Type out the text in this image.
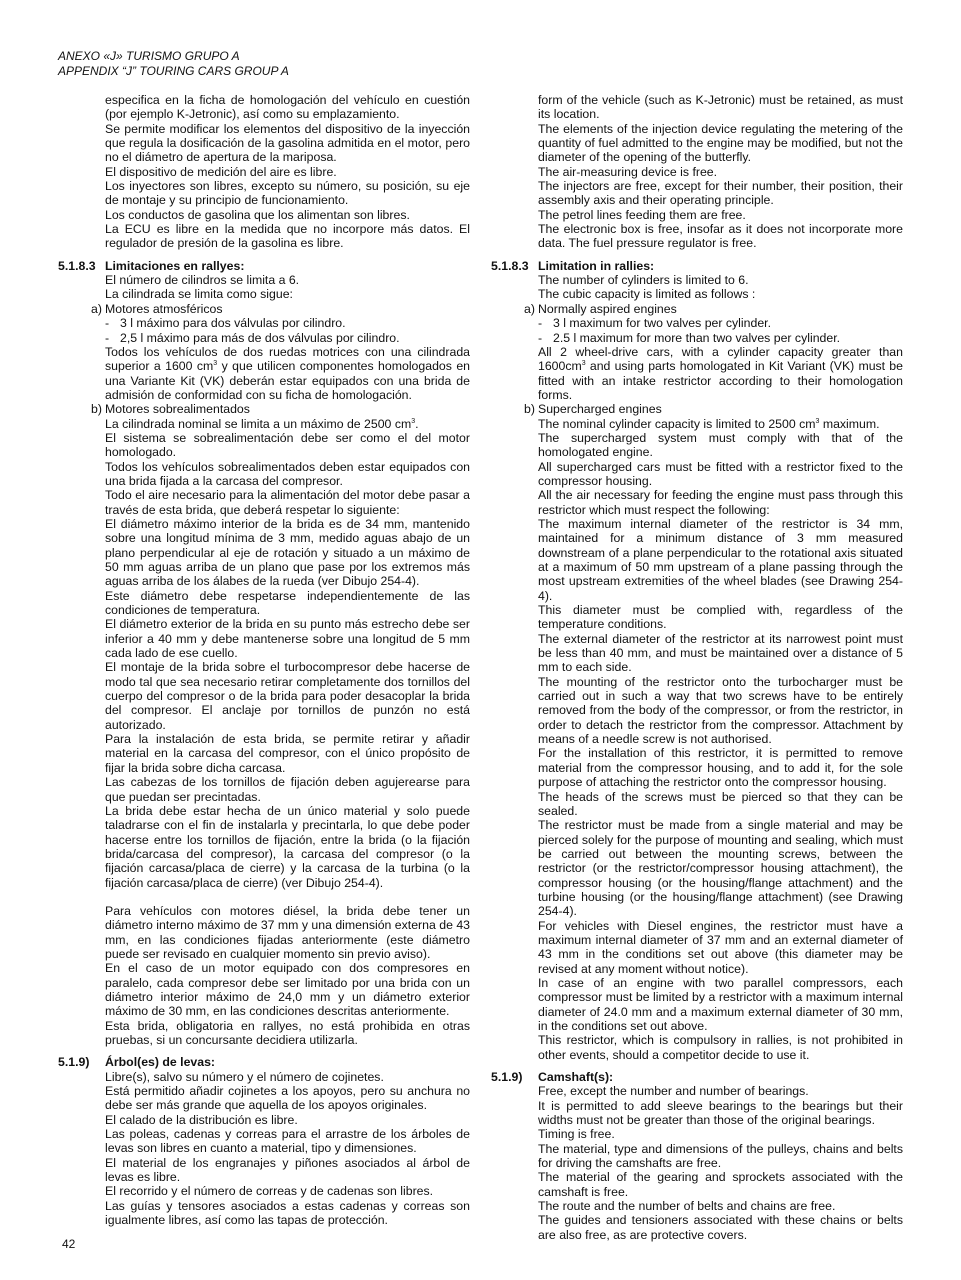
ANEXO «J» TURISMO GRUPO A
APPENDIX “J” TOURING CARS GROUP A
especifica en la ficha de homologación del vehículo en cuestión (por ejemplo K-Jetronic), así como su emplazamiento.
Se permite modificar los elementos del dispositivo de la inyección que regula la dosificación de la gasolina admitida en el motor, pero no el diámetro de apertura de la mariposa.
El dispositivo de medición del aire es libre.
Los inyectores son libres, excepto su número, su posición, su eje de montaje y su principio de funcionamiento.
Los conductos de gasolina que los alimentan son libres.
La ECU es libre en la medida que no incorpore más datos. El regulador de presión de la gasolina es libre.
5.1.8.3 Limitaciones en rallyes:
El número de cilindros se limita a 6.
La cilindrada se limita como sigue:
a) Motores atmosféricos
- 3 l máximo para dos válvulas por cilindro.
- 2,5 l máximo para más de dos válvulas por cilindro.
Todos los vehículos de dos ruedas motrices con una cilindrada superior a 1600 $cm^3$ y que utilicen componentes homologados en una Variante Kit (VK) deberán estar equipados con una brida de admisión de conformidad con su ficha de homologación.
b) Motores sobrealimentados
La cilindrada nominal se limita a un máximo de 2500 $cm^3$.
El sistema se sobrealimentación debe ser como el del motor homologado.
Todos los vehículos sobrealimentados deben estar equipados con una brida fijada a la carcasa del compresor.
Todo el aire necesario para la alimentación del motor debe pasar a través de esta brida, que deberá respetar lo siguiente:
El diámetro máximo interior de la brida es de 34 mm, mantenido sobre una longitud mínima de 3 mm, medido aguas abajo de un plano perpendicular al eje de rotación y situado a un máximo de 50 mm aguas arriba de un plano que pase por los extremos más aguas arriba de los álabes de la rueda (ver Dibujo 254-4).
Este diámetro debe respetarse independientemente de las condiciones de temperatura.
El diámetro exterior de la brida en su punto más estrecho debe ser inferior a 40 mm y debe mantenerse sobre una longitud de 5 mm cada lado de ese cuello.
El montaje de la brida sobre el turbocompresor debe hacerse de modo tal que sea necesario retirar completamente dos tornillos del cuerpo del compresor o de la brida para poder desacoplar la brida del compresor. El anclaje por tornillos de punzón no está autorizado.
Para la instalación de esta brida, se permite retirar y añadir material en la carcasa del compresor, con el único propósito de fijar la brida sobre dicha carcasa.
Las cabezas de los tornillos de fijación deben agujerearse para que puedan ser precintadas.
La brida debe estar hecha de un único material y solo puede taladrarse con el fin de instalarla y precintarla, lo que debe poder hacerse entre los tornillos de fijación, entre la brida (o la fijación brida/carcasa del compresor), la carcasa del compresor (o la fijación carcasa/placa de cierre) y la carcasa de la turbina (o la fijación carcasa/placa de cierre) (ver Dibujo 254-4).
Para vehículos con motores diésel, la brida debe tener un diámetro interno máximo de 37 mm y una dimensión externa de 43 mm, en las condiciones fijadas anteriormente (este diámetro puede ser revisado en cualquier momento sin previo aviso).
En el caso de un motor equipado con dos compresores en paralelo, cada compresor debe ser limitado por una brida con un diámetro interior máximo de 24,0 mm y un diámetro exterior máximo de 30 mm, en las condiciones descritas anteriormente.
Esta brida, obligatoria en rallyes, no está prohibida en otras pruebas, si un concursante decidiera utilizarla.
5.1.9)	Árbol(es) de levas:
Libre(s), salvo su número y el número de cojinetes.
Está permitido añadir cojinetes a los apoyos, pero su anchura no debe ser más grande que aquella de los apoyos originales.
El calado de la distribución es libre.
Las poleas, cadenas y correas para el arrastre de los árboles de levas son libres en cuanto a material, tipo y dimensiones.
El material de los engranajes y piñones asociados al árbol de levas es libre.
El recorrido y el número de correas y de cadenas son libres.
Las guías y tensores asociados a estas cadenas y correas son igualmente libres, así como las tapas de protección.
form of the vehicle (such as K-Jetronic) must be retained, as must its location.
The elements of the injection device regulating the metering of the quantity of fuel admitted to the engine may be modified, but not the diameter of the opening of the butterfly.
The air-measuring device is free.
The injectors are free, except for their number, their position, their assembly axis and their operating principle.
The petrol lines feeding them are free.
The electronic box is free, insofar as it does not incorporate more data. The fuel pressure regulator is free.
5.1.8.3 Limitation in rallies:
The number of cylinders is limited to 6.
The cubic capacity is limited as follows :
a) Normally aspired engines
- 3 l maximum for two valves per cylinder.
- 2.5 l maximum for more than two valves per cylinder.
All 2 wheel-drive cars, with a cylinder capacity greater than $1600cm^3$ and using parts homologated in Kit Variant (VK) must be fitted with an intake restrictor according to their homologation forms.
b) Supercharged engines
The nominal cylinder capacity is limited to 2500 $cm^3$ maximum.
The supercharged system must comply with that of the homologated engine.
All supercharged cars must be fitted with a restrictor fixed to the compressor housing.
All the air necessary for feeding the engine must pass through this restrictor which must respect the following:
The maximum internal diameter of the restrictor is 34 mm, maintained for a minimum distance of 3 mm measured downstream of a plane perpendicular to the rotational axis situated at a maximum of 50 mm upstream of a plane passing through the most upstream extremities of the wheel blades (see Drawing 254-4).
This diameter must be complied with, regardless of the temperature conditions.
The external diameter of the restrictor at its narrowest point must be less than 40 mm, and must be maintained over a distance of 5 mm to each side.
The mounting of the restrictor onto the turbocharger must be carried out in such a way that two screws have to be entirely removed from the body of the compressor, or from the restrictor, in order to detach the restrictor from the compressor. Attachment by means of a needle screw is not authorised.
For the installation of this restrictor, it is permitted to remove material from the compressor housing, and to add it, for the sole purpose of attaching the restrictor onto the compressor housing.
The heads of the screws must be pierced so that they can be sealed.
The restrictor must be made from a single material and may be pierced solely for the purpose of mounting and sealing, which must be carried out between the mounting screws, between the restrictor (or the restrictor/compressor housing attachment), the compressor housing (or the housing/flange attachment) and the turbine housing (or the housing/flange attachment) (see Drawing 254-4).
For vehicles with Diesel engines, the restrictor must have a maximum internal diameter of 37 mm and an external diameter of 43 mm in the conditions set out above (this diameter may be revised at any moment without notice).
In case of an engine with two parallel compressors, each compressor must be limited by a restrictor with a maximum internal diameter of 24.0 mm and a maximum external diameter of 30 mm, in the conditions set out above.
This restrictor, which is compulsory in rallies, is not prohibited in other events, should a competitor decide to use it.
5.1.9)	Camshaft(s):
Free, except the number and number of bearings.
It is permitted to add sleeve bearings to the bearings but their widths must not be greater than those of the original bearings.
Timing is free.
The material, type and dimensions of the pulleys, chains and belts for driving the camshafts are free.
The material of the gearing and sprockets associated with the camshaft is free.
The route and the number of belts and chains are free.
The guides and tensioners associated with these chains or belts are also free, as are protective covers.
42
